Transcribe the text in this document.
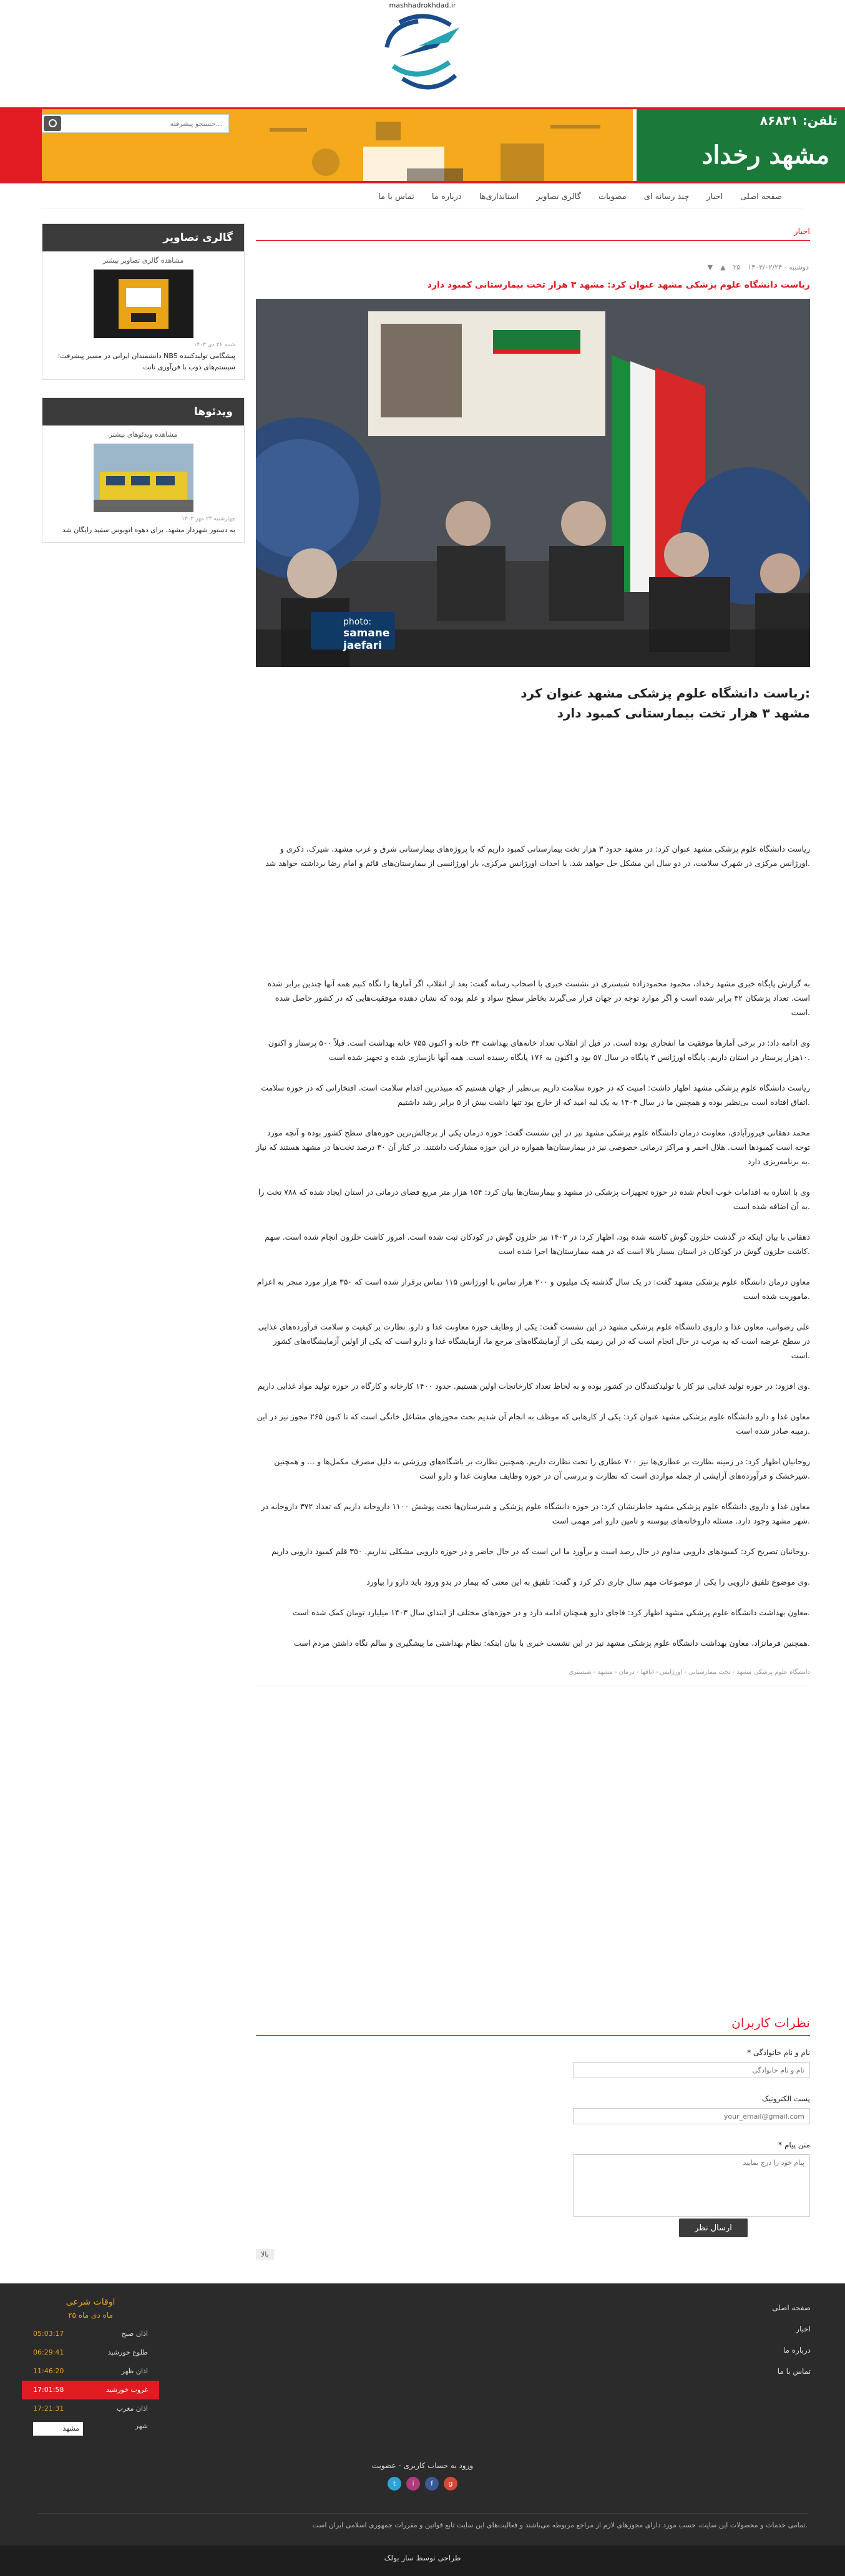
mashhadrokhdad.ir
جستجو پیشرفته...
تلفن: ۸۶۸۳۱
مشهد رخداد
صفحه اصلی
اخبار
چند رسانه ای
مصوبات
گالری تصاویر
استانداری‌ها
درباره ما
تماس با ما
گالری تصاویر
مشاهده گالری تصاویر بیشتر
شنبه ۲۶ دی ۱۴۰۳
دانشمندان ایرانی در مسیر پیشرفت؛ NBS پیشگامی تولیدکننده سیستم‌های ذوب با فن‌آوری نانت
ویدئوها
مشاهده ویدئوهای بیشتر
چهارشنبه ۲۴ مهر ۱۴۰۳
به دستور شهردار مشهد، برای دهوه اتوبوس سفید رایگان شد
اخبار
۱۴۰۳/۰۲/۲۴ - دوشنبه
۲۵
▲
▼
ریاست دانشگاه علوم پزشکی مشهد عنوان کرد: مشهد ۳ هزار تخت بیمارستانی کمبود دارد
photo:
samane jaefari
ریاست دانشگاه علوم پزشکی مشهد عنوان کرد:
مشهد ۳ هزار تخت بیمارستانی کمبود دارد
ریاست دانشگاه علوم پزشکی مشهد عنوان کرد: در مشهد حدود ۳ هزار تخت بیمارستانی کمبود داریم که با پروژه‌های بیمارستانی شرق و غرب مشهد، شیرک، ذکری و اورژانس مرکزی در شهرک سلامت، در دو سال این مشکل حل خواهد شد. با احداث اورژانس مرکزی، بار اورژانسی از بیمارستان‌های قائم و امام رضا برداشته خواهد شد.
به گزارش پایگاه خبری مشهد رخداد، محمود محمودزاده شبستری در نشست خبری با اصحاب رسانه گفت: بعد از انقلاب اگر آمارها را نگاه کنیم همه آنها چندین برابر شده است. تعداد پزشکان ۳۲ برابر شده است و اگر موارد توجه در جهان قرار می‌گیرند بخاطر سطح سواد و علم بوده که نشان دهنده موفقیت‌هایی که در کشور حاصل شده است.
وی ادامه داد: در برخی آمارها موفقیت ما انفجاری بوده است. در قبل از انقلاب تعداد خانه‌های بهداشت ۳۳ خانه و اکنون ۷۵۵ خانه بهداشت است. قبلاً ۵۰۰ پرستار و اکنون ۱۰هزار پرستار در استان داریم. پایگاه اورژانس ۳ پایگاه در سال ۵۷ بود و اکنون به ۱۷۶ پایگاه رسیده است. همه آنها بازسازی شده و تجهیز شده است.
ریاست دانشگاه علوم پزشکی مشهد اظهار داشت: امنیت که در حوزه سلامت داریم بی‌نظیر از جهان هستیم که مبیذترین اقدام سلامت است. افتخاراتی که در حوزه سلامت اتفاق افتاده است بی‌نظیر بوده و همچنین ما در سال ۱۴۰۳ به یک لبه امید که از خارج بود تنها داشت بیش از ۵ برابر رشد داشتیم.
محمد دهقانی فیروزآبادی، معاونت درمان دانشگاه علوم پزشکی مشهد نیز در این نشست گفت: حوزه درمان یکی از پرچالش‌ترین حوزه‌های سطح کشور بوده و آنچه مورد توجه است کمبودها است. هلال احمر و مراکز درمانی خصوصی نیز در بیمارستان‌ها همواره در این حوزه مشارکت داشتند. در کنار آن ۳۰ درصد تخت‌ها در مشهد هستند که نیاز به برنامه‌ریزی دارد.
وی با اشاره به اقدامات خوب انجام شده در حوزه تجهیزات پزشکی در مشهد و بیمارستان‌ها بیان کرد: ۱۵۴ هزار متر مربع فضای درمانی در استان ایجاد شده که ۷۸۸ تخت را به آن اضافه شده است.
دهقانی با بیان اینکه در گذشت حلزون گوش کاشته شده بود، اظهار کرد: در ۱۴۰۳ نیز حلزون گوش در کودکان ثبت شده است. امروز کاشت حلزون انجام شده است. سهم کاشت حلزون گوش در کودکان در استان بسیار بالا است که در همه بیمارستان‌ها اجرا شده است.
معاون درمان دانشگاه علوم پزشکی مشهد گفت: در یک سال گذشته یک میلیون و ۲۰۰ هزار تماس با اورژانس ۱۱۵ تماس برقرار شده است که ۳۵۰ هزار مورد منجر به اعزام ماموریت شده است.
علی رضوانی، معاون غذا و داروی دانشگاه علوم پزشکی مشهد در این نشست گفت: یکی از وظایف حوزه معاونت غذا و دارو، نظارت بر کیفیت و سلامت فرآورده‌های غذایی در سطح عرضه است که به مرتب در حال انجام است که در این زمینه یکی از آزمایشگاه‌های مرجع ما، آزمایشگاه غذا و دارو است که یکی از اولین آزمایشگاه‌های کشور است.
وی افزود: در حوزه تولید غذایی نیز کار با تولیدکنندگان در کشور بوده و به لحاظ تعداد کارخانجات اولین هستیم. حدود ۱۴۰۰ کارخانه و کارگاه در حوزه تولید مواد غذایی داریم.
معاون غذا و دارو دانشگاه علوم پزشکی مشهد عنوان کرد: یکی از کارهایی که موظف به انجام آن شدیم بحث مجوزهای مشاغل خانگی است که تا کنون ۲۶۵ مجوز نیز در این زمینه صادر شده است.
روحانیان اظهار کرد: در زمینه نظارت بر عطاری‌ها نیز ۷۰۰ عطاری را تحت نظارت داریم. همچنین نظارت بر باشگاه‌های ورزشی به دلیل مصرف مکمل‌ها و ... و همچنین شیرخشک و فرآورده‌های آرایشی از جمله مواردی است که نظارت و بررسی آن در حوزه وظایف معاونت غذا و دارو است.
معاون غذا و داروی دانشگاه علوم پزشکی مشهد خاطرنشان کرد: در حوزه دانشگاه علوم پزشکی و شبرستان‌ها تحت پوشش ۱۱۰۰ داروخانه داریم که تعداد ۳۷۲ داروخانه در شهر مشهد وجود دارد. مسئله داروخانه‌های پیوسته و تامین دارو امر مهمی است.
روحانیان تصریح کرد: کمبودهای دارویی مداوم در حال رصد است و برآورد ما این است که در حال حاضر و در حوزه دارویی مشکلی نداریم. ۳۵۰ قلم کمبود دارویی داریم.
وی موضوع تلفیق دارویی را یکی از موضوعات مهم سال جاری ذکر کرد و گفت: تلفیق به این معنی که بیمار در بدو ورود باید دارو را بیاورد.
معاون بهداشت دانشگاه علوم پزشکی مشهد اظهار کرد: فاجای دارو همچنان ادامه دارد و در حوزه‌های مختلف از ابتدای سال ۱۴۰۳ میلیارد تومان کمک شده است.
همچنین فرمانزاد، معاون بهداشت دانشگاه علوم پزشکی مشهد نیز در این نشست خبری با بیان اینکه: نظام بهداشتی ما پیشگیری و سالم نگاه داشتن مردم است.
دانشگاه علوم پزشکی مشهد - تخت بیمارستانی - اورژانس - اتاقها - درمان - مشهد - شبستری
نظرات کاربران
* نام و نام خانوادگی
نام و نام خانوادگی
پست الکترونیک
your_email@gmail.com
* متن پیام
پیام خود را درج نمایید
ارسال نظر
بالا
صفحه اصلی
اخبار
درباره ما
تماس با ما
اوقات شرعی
۲۵ ماه دی ماه
اذان صبح
05:03:17
طلوع خورشید
06:29:41
اذان ظهر
11:46:20
غروب خورشید
17:01:58
اذان مغرب
17:21:31
شهر
مشهد
ورود به حساب کاربری - عضویت
t	i	f	g
تمامی خدمات و محصولات این سایت، حسب مورد دارای مجوزهای لازم از مراجع مربوطه می‌باشند و فعالیت‌های این سایت تابع قوانین و مقررات جمهوری اسلامی ایران است.
طراحی توسط سار بولک
